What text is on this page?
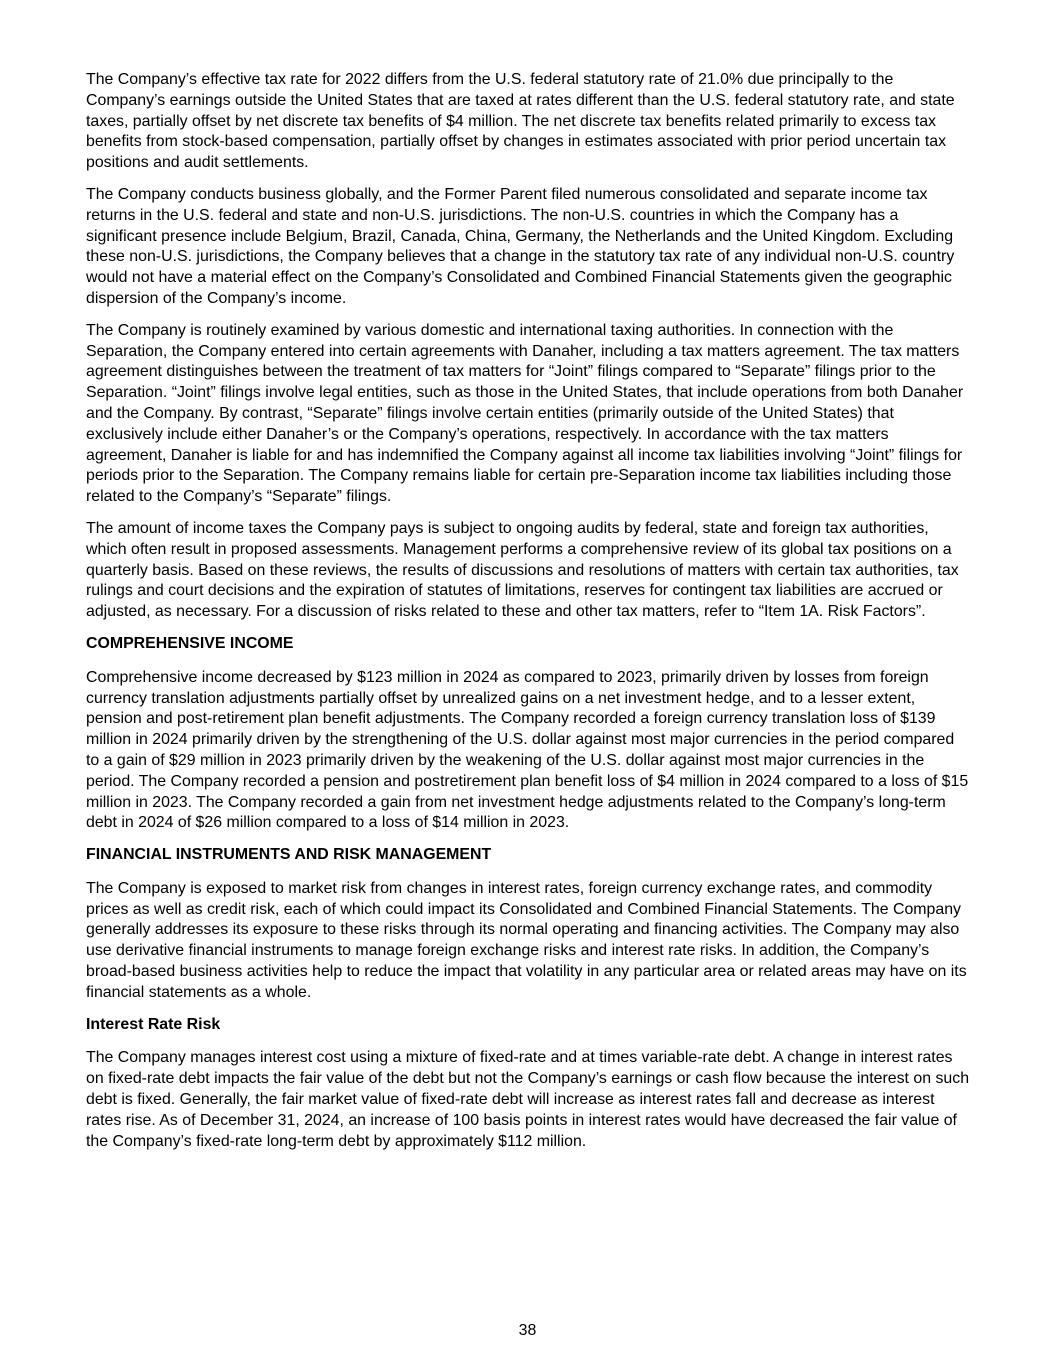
The Company’s effective tax rate for 2022 differs from the U.S. federal statutory rate of 21.0% due principally to the Company’s earnings outside the United States that are taxed at rates different than the U.S. federal statutory rate, and state taxes, partially offset by net discrete tax benefits of $4 million. The net discrete tax benefits related primarily to excess tax benefits from stock-based compensation, partially offset by changes in estimates associated with prior period uncertain tax positions and audit settlements.

The Company conducts business globally, and the Former Parent filed numerous consolidated and separate income tax returns in the U.S. federal and state and non-U.S. jurisdictions. The non-U.S. countries in which the Company has a significant presence include Belgium, Brazil, Canada, China, Germany, the Netherlands and the United Kingdom. Excluding these non-U.S. jurisdictions, the Company believes that a change in the statutory tax rate of any individual non-U.S. country would not have a material effect on the Company’s Consolidated and Combined Financial Statements given the geographic dispersion of the Company’s income.

The Company is routinely examined by various domestic and international taxing authorities. In connection with the Separation, the Company entered into certain agreements with Danaher, including a tax matters agreement. The tax matters agreement distinguishes between the treatment of tax matters for “Joint” filings compared to “Separate” filings prior to the Separation. “Joint” filings involve legal entities, such as those in the United States, that include operations from both Danaher and the Company. By contrast, “Separate” filings involve certain entities (primarily outside of the United States) that exclusively include either Danaher’s or the Company’s operations, respectively. In accordance with the tax matters agreement, Danaher is liable for and has indemnified the Company against all income tax liabilities involving “Joint” filings for periods prior to the Separation. The Company remains liable for certain pre-Separation income tax liabilities including those related to the Company’s “Separate” filings.

The amount of income taxes the Company pays is subject to ongoing audits by federal, state and foreign tax authorities, which often result in proposed assessments. Management performs a comprehensive review of its global tax positions on a quarterly basis. Based on these reviews, the results of discussions and resolutions of matters with certain tax authorities, tax rulings and court decisions and the expiration of statutes of limitations, reserves for contingent tax liabilities are accrued or adjusted, as necessary. For a discussion of risks related to these and other tax matters, refer to “Item 1A. Risk Factors”.

COMPREHENSIVE INCOME

Comprehensive income decreased by $123 million in 2024 as compared to 2023, primarily driven by losses from foreign currency translation adjustments partially offset by unrealized gains on a net investment hedge, and to a lesser extent, pension and post-retirement plan benefit adjustments. The Company recorded a foreign currency translation loss of $139 million in 2024 primarily driven by the strengthening of the U.S. dollar against most major currencies in the period compared to a gain of $29 million in 2023 primarily driven by the weakening of the U.S. dollar against most major currencies in the period. The Company recorded a pension and postretirement plan benefit loss of $4 million in 2024 compared to a loss of $15 million in 2023. The Company recorded a gain from net investment hedge adjustments related to the Company’s long-term debt in 2024 of $26 million compared to a loss of $14 million in 2023.

FINANCIAL INSTRUMENTS AND RISK MANAGEMENT

The Company is exposed to market risk from changes in interest rates, foreign currency exchange rates, and commodity prices as well as credit risk, each of which could impact its Consolidated and Combined Financial Statements. The Company generally addresses its exposure to these risks through its normal operating and financing activities. The Company may also use derivative financial instruments to manage foreign exchange risks and interest rate risks. In addition, the Company’s broad-based business activities help to reduce the impact that volatility in any particular area or related areas may have on its financial statements as a whole.

Interest Rate Risk

The Company manages interest cost using a mixture of fixed-rate and at times variable-rate debt. A change in interest rates on fixed-rate debt impacts the fair value of the debt but not the Company’s earnings or cash flow because the interest on such debt is fixed. Generally, the fair market value of fixed-rate debt will increase as interest rates fall and decrease as interest rates rise. As of December 31, 2024, an increase of 100 basis points in interest rates would have decreased the fair value of the Company’s fixed-rate long-term debt by approximately $112 million.

38
